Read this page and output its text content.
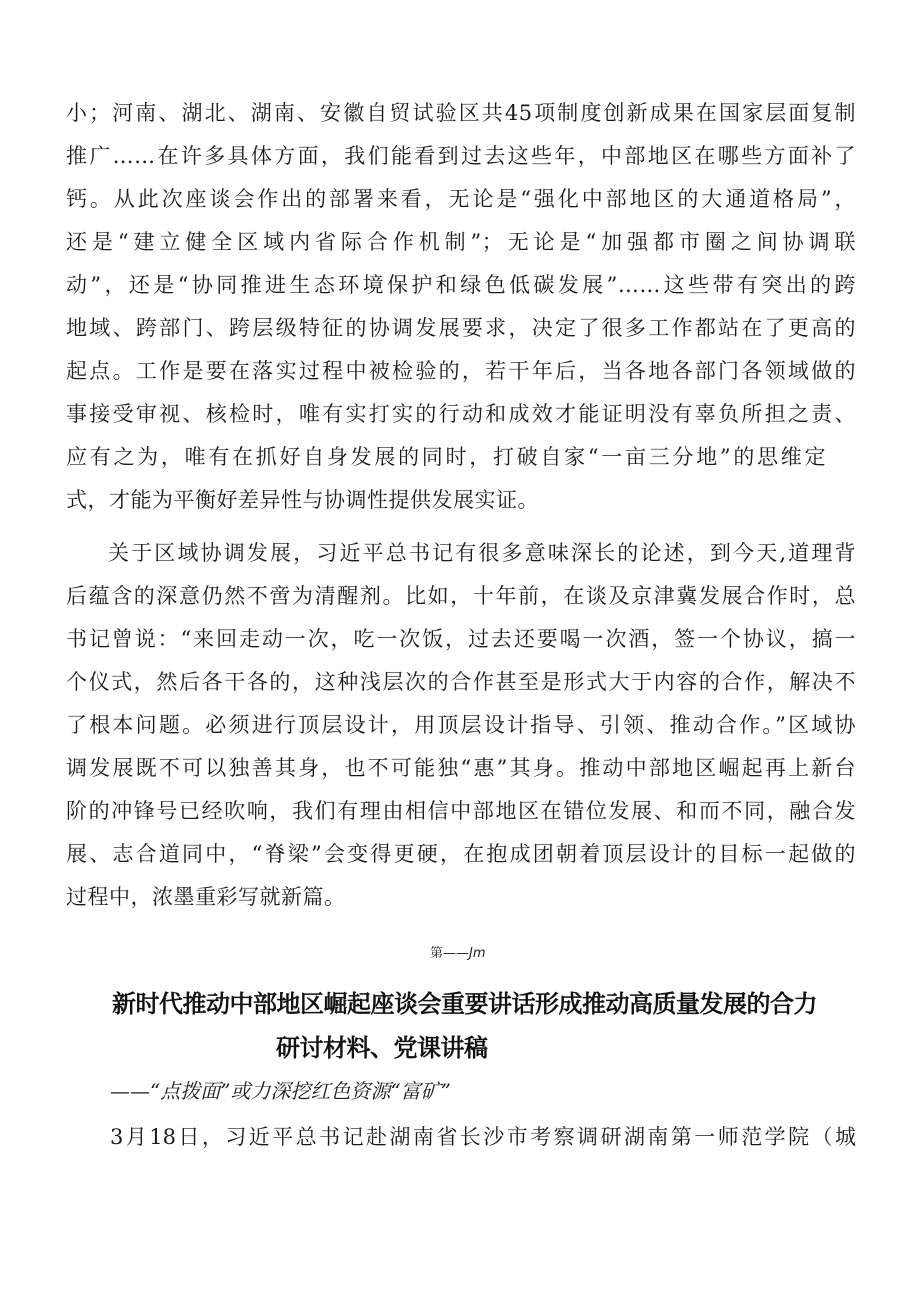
小；河南、湖北、湖南、安徽自贸试验区共45项制度创新成果在国家层面复制
推广……在许多具体方面，我们能看到过去这些年，中部地区在哪些方面补了
钙。从此次座谈会作出的部署来看，无论是“强化中部地区的大通道格局”，
还是“建立健全区域内省际合作机制”；无论是“加强都市圈之间协调联
动”，还是“协同推进生态环境保护和绿色低碳发展”……这些带有突出的跨
地域、跨部门、跨层级特征的协调发展要求，决定了很多工作都站在了更高的
起点。工作是要在落实过程中被检验的，若干年后，当各地各部门各领域做的
事接受审视、核检时，唯有实打实的行动和成效才能证明没有辜负所担之责、
应有之为，唯有在抓好自身发展的同时，打破自家“一亩三分地”的思维定
式，才能为平衡好差异性与协调性提供发展实证。
关于区域协调发展，习近平总书记有很多意味深长的论述，到今天,道理背
后蕴含的深意仍然不啻为清醒剂。比如，十年前，在谈及京津冀发展合作时，总
书记曾说：“来回走动一次，吃一次饭，过去还要喝一次酒，签一个协议，搞一
个仪式，然后各干各的，这种浅层次的合作甚至是形式大于内容的合作，解决不
了根本问题。必须进行顶层设计，用顶层设计指导、引领、推动合作。”区域协
调发展既不可以独善其身，也不可能独“惠”其身。推动中部地区崛起再上新台
阶的冲锋号已经吹响，我们有理由相信中部地区在错位发展、和而不同，融合发
展、志合道同中，“脊梁”会变得更硬，在抱成团朝着顶层设计的目标一起做的
过程中，浓墨重彩写就新篇。
第——Jm
新时代推动中部地区崛起座谈会重要讲话形成推动高质量发展的合力
研讨材料、党课讲稿
——“点拨面”或力深挖红色资源“富矿”
3月18日，习近平总书记赴湖南省长沙市考察调研湖南第一师范学院（城
